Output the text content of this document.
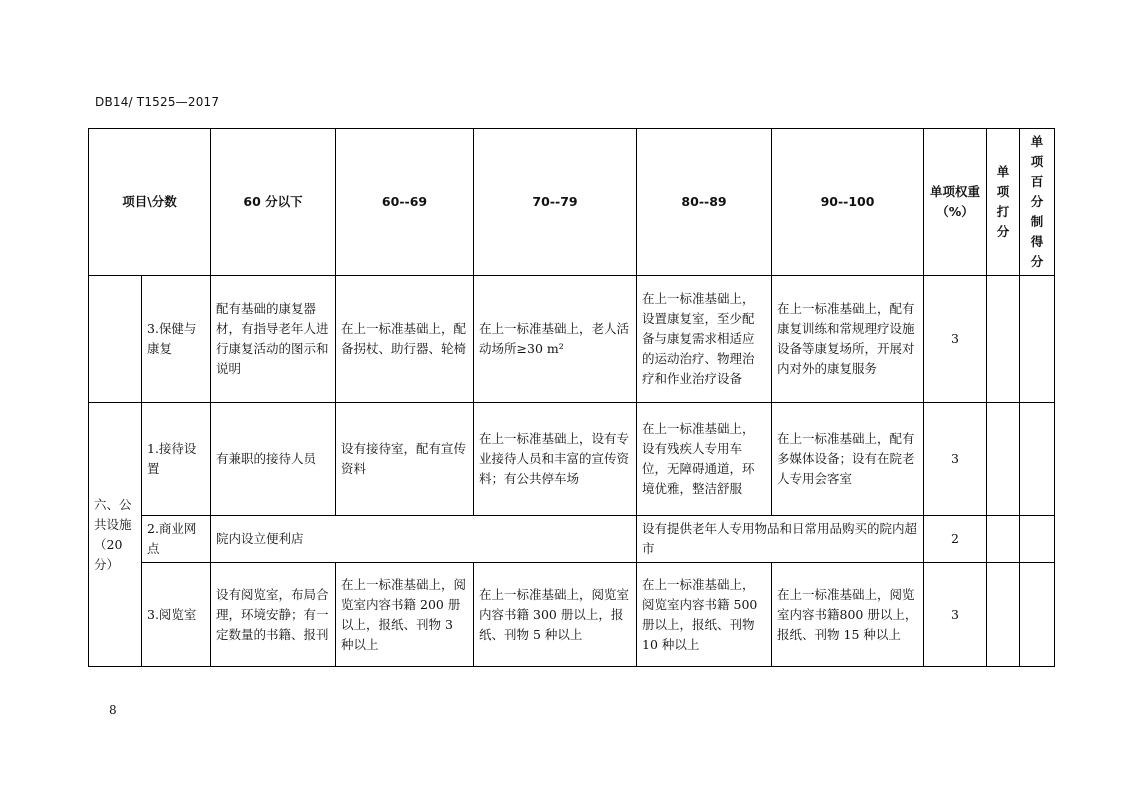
DB14/ T1525—2017
项目\分数		60 分以下	60--69	70--79	80--89	90--100	单项权重（%）	单项打分	单项百分制得分

	3.保健与康复	配有基础的康复器材，有指导老年人进行康复活动的图示和说明	在上一标准基础上，配备拐杖、助行器、轮椅	在上一标准基础上，老人活动场所≥30 m²	在上一标准基础上，设置康复室，至少配备与康复需求相适应的运动治疗、物理治疗和作业治疗设备	在上一标准基础上，配有康复训练和常规理疗设施设备等康复场所，开展对内对外的康复服务	3		
六、公共设施（20分）	1.接待设置	有兼职的接待人员	设有接待室，配有宣传资料	在上一标准基础上，设有专业接待人员和丰富的宣传资料；有公共停车场	在上一标准基础上，设有残疾人专用车位，无障碍通道，环境优雅，整洁舒服	在上一标准基础上，配有多媒体设备；设有在院老人专用会客室	3		
	2.商业网点	院内设立便利店			设有提供老年人专用物品和日常用品购买的院内超市		2		
	3.阅览室	设有阅览室，布局合理，环境安静；有一定数量的书籍、报刊	在上一标准基础上，阅览室内容书籍 200 册以上，报纸、刊物 3 种以上	在上一标准基础上，阅览室内容书籍 300 册以上，报纸、刊物 5 种以上	在上一标准基础上，阅览室内容书籍 500 册以上，报纸、刊物 10 种以上	在上一标准基础上，阅览室内容书籍800 册以上，报纸、刊物 15 种以上	3		
8
